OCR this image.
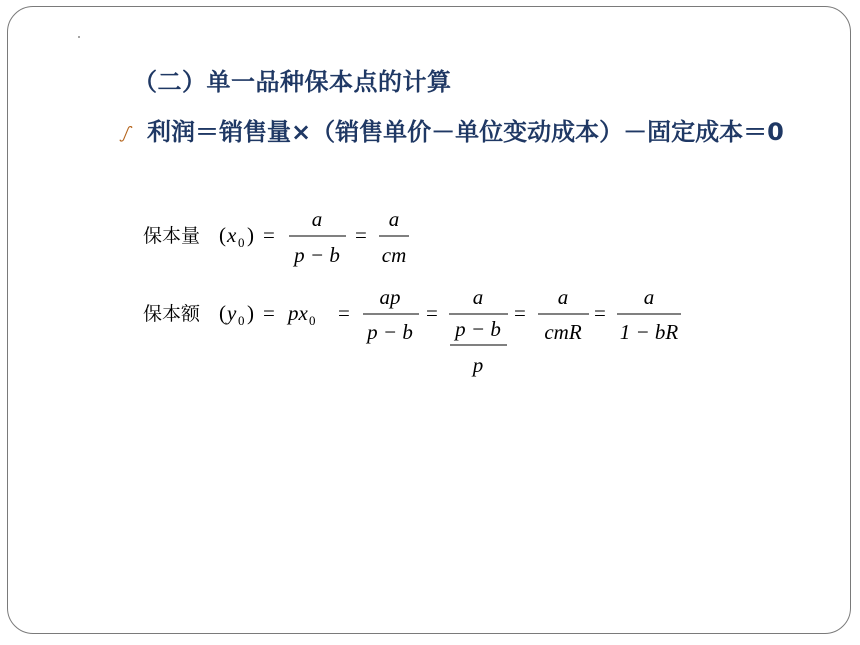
（二）单一品种保本点的计算
ഽ 利润＝销售量×（销售单价－单位变动成本）－固定成本＝0
保本量 ( x 0 ) =
a
p − b
=
a
cm
保本额 ( y 0 ) = px 0 =
ap
p − b
=
a
p − b
p
=
a
cmR
=
a
1 − bR
